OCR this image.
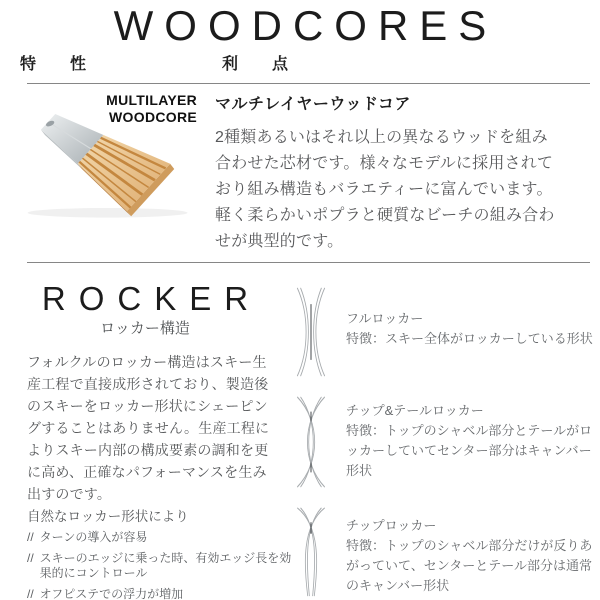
WOODCORES
特　性	利　点
MULTILAYER
WOODCORE
マルチレイヤーウッドコア
2種類あるいはそれ以上の異なるウッドを組み合わせた芯材です。様々なモデルに採用されており組み構造もバラエティーに富んでいます。軽く柔らかいポプラと硬質なビーチの組み合わせが典型的です。
ROCKER
ロッカー構造
フォルクルのロッカー構造はスキー生産工程で直接成形されており、製造後のスキーをロッカー形状にシェーピングすることはありません。生産工程によりスキー内部の構成要素の調和を更に高め、正確なパフォーマンスを生み出すのです。
自然なロッカー形状により
// ターンの導入が容易
// スキーのエッジに乗った時、有効エッジ長を効果的にコントロール
// オフピステでの浮力が増加
フルロッカー
特徴：スキー全体がロッカーしている形状
チップ&テールロッカー
特徴：トップのシャベル部分とテールがロッカーしていてセンター部分はキャンバー形状
チップロッカー
特徴：トップのシャベル部分だけが反りあがっていて、センターとテール部分は通常のキャンバー形状
